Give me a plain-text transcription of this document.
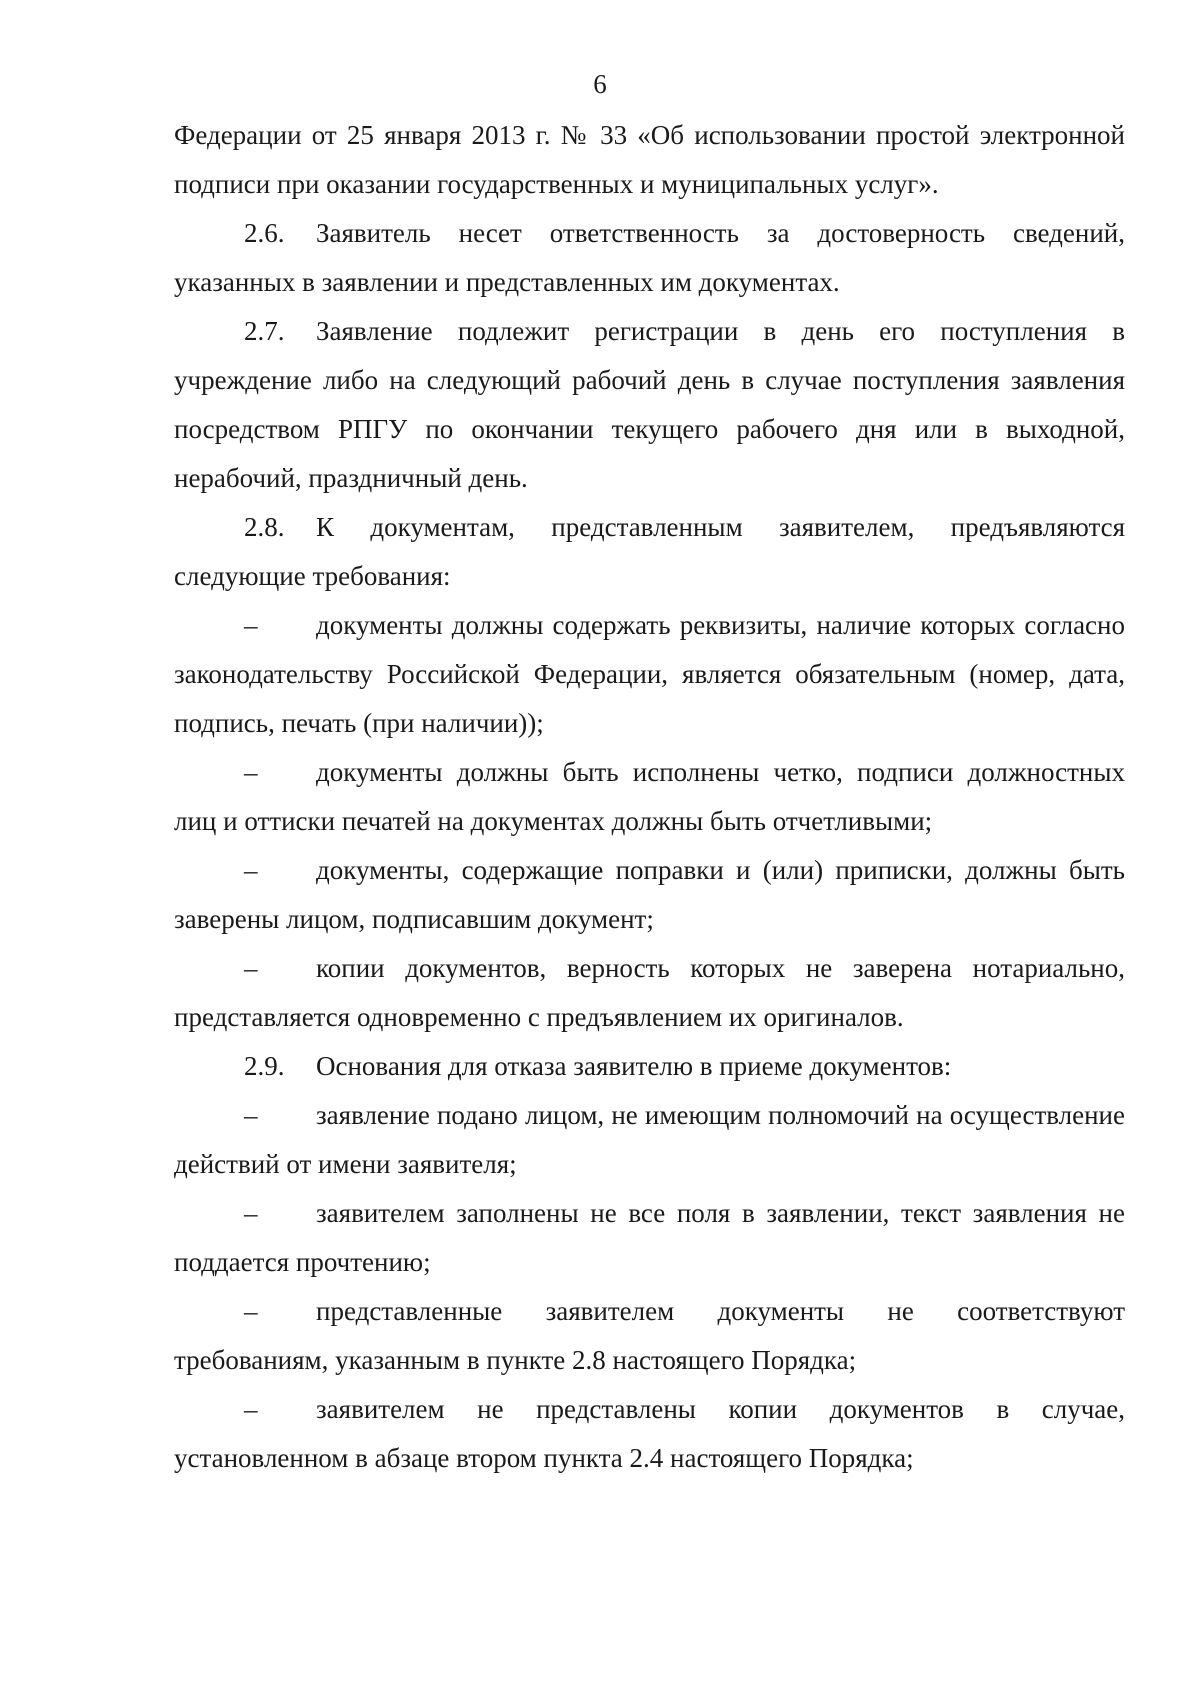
6

Федерации от 25 января 2013 г. № 33 «Об использовании простой электронной подписи при оказании государственных и муниципальных услуг».

2.6. Заявитель несет ответственность за достоверность сведений, указанных в заявлении и представленных им документах.

2.7. Заявление подлежит регистрации в день его поступления в учреждение либо на следующий рабочий день в случае поступления заявления посредством РПГУ по окончании текущего рабочего дня или в выходной, нерабочий, праздничный день.

2.8. К документам, представленным заявителем, предъявляются следующие требования:

– документы должны содержать реквизиты, наличие которых согласно законодательству Российской Федерации, является обязательным (номер, дата, подпись, печать (при наличии));

– документы должны быть исполнены четко, подписи должностных лиц и оттиски печатей на документах должны быть отчетливыми;

– документы, содержащие поправки и (или) приписки, должны быть заверены лицом, подписавшим документ;

– копии документов, верность которых не заверена нотариально, представляется одновременно с предъявлением их оригиналов.

2.9. Основания для отказа заявителю в приеме документов:

– заявление подано лицом, не имеющим полномочий на осуществление действий от имени заявителя;

– заявителем заполнены не все поля в заявлении, текст заявления не поддается прочтению;

– представленные заявителем документы не соответствуют требованиям, указанным в пункте 2.8 настоящего Порядка;

– заявителем не представлены копии документов в случае, установленном в абзаце втором пункта 2.4 настоящего Порядка;
